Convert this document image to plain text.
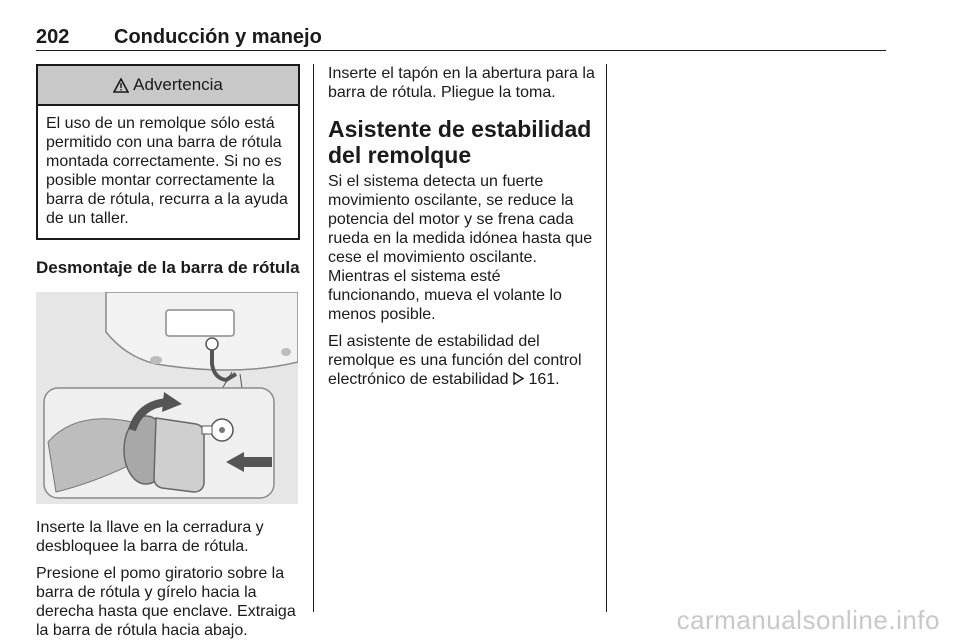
202 Conducción y manejo
Advertencia
El uso de un remolque sólo está permitido con una barra de rótula montada correctamente. Si no es posible montar correctamente la barra de rótula, recurra a la ayuda de un taller.
Desmontaje de la barra de rótula

Inserte la llave en la cerradura y desbloquee la barra de rótula.

Presione el pomo giratorio sobre la barra de rótula y gírelo hacia la derecha hasta que enclave. Extraiga la barra de rótula hacia abajo.

Inserte el tapón en la abertura para la barra de rótula. Pliegue la toma.

Asistente de estabilidad del remolque

Si el sistema detecta un fuerte movimiento oscilante, se reduce la potencia del motor y se frena cada rueda en la medida idónea hasta que cese el movimiento oscilante. Mientras el sistema esté funcionando, mueva el volante lo menos posible.

El asistente de estabilidad del remolque es una función del control electrónico de estabilidad 161.

carmanualsonline.info
